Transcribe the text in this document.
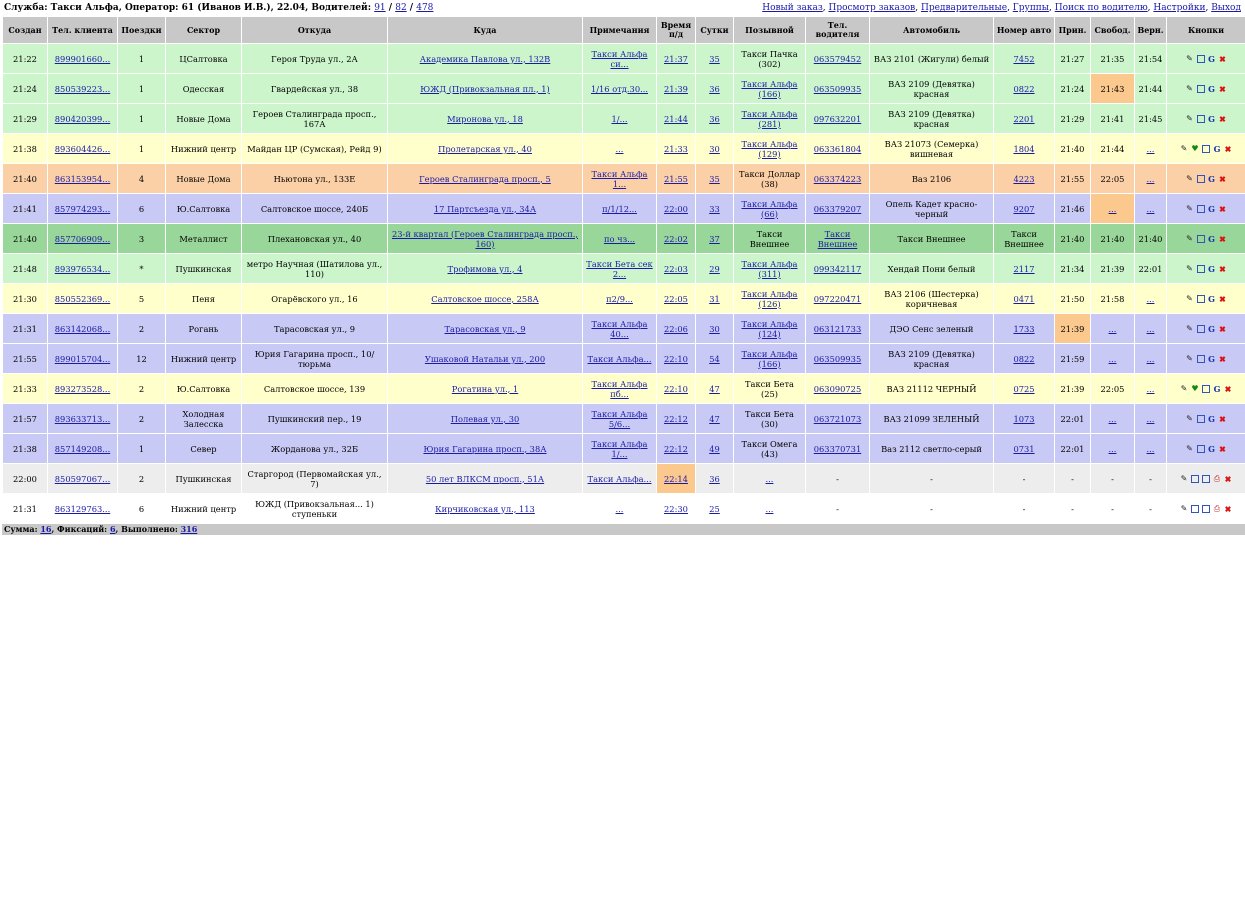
Служба: Такси Альфа, Оператор: 61 (Иванов И.В.), 22.04, Водителей: 91 / 82 / 478	Новый заказ, Просмотр заказов, Предварительные, Группы, Поиск по водителю, Настройки, Выход
Создан	Тел. клиента	Поездки	Сектор	Откуда	Куда	Примечания	Время п/д	Сутки	Позывной	Тел. водителя	Автомобиль	Номер авто	Прин.	Свобод.	Верн.	Кнопки
21:22	899901660...	1	ЦСалтовка	Героя Труда ул., 2А	Академика Павлова ул., 132В	Такси Альфа си...	21:37	35	Такси Пачка (302)	063579452	ВАЗ 2101 (Жигули) белый	7452	21:27	21:35	21:54	✎ G ✖

21:24	850539223...	1	Одесская	Гвардейская ул., 38	ЮЖД (Привокзальная пл., 1)	1/16 отд.30...	21:39	36	Такси Альфа (166)	063509935	ВАЗ 2109 (Девятка) красная	0822	21:24	21:43	21:44	✎ G ✖

21:29	890420399...	1	Новые Дома	Героев Сталинграда просп., 167А	Миронова ул., 18	1/...	21:44	36	Такси Альфа (281)	097632201	ВАЗ 2109 (Девятка) красная	2201	21:29	21:41	21:45	✎ G ✖

21:38	893604426...	1	Нижний центр	Майдан ЦР (Сумская), Рейд 9)	Пролетарская ул., 40	...	21:33	30	Такси Альфа (129)	063361804	ВАЗ 21073 (Семерка) вишневая	1804	21:40	21:44	...	✎ ♥ G ✖

21:40	863153954...	4	Новые Дома	Ньютона ул., 133Е	Героев Сталинграда просп., 5	Такси Альфа 1...	21:55	35	Такси Доллар (38)	063374223	Ваз 2106	4223	21:55	22:05	...	✎ G ✖

21:41	857974293...	6	Ю.Салтовка	Салтовское шоссе, 240Б	17 Партсъезда ул., 34А	п/1/12...	22:00	33	Такси Альфа (66)	063379207	Опель Кадет красно-черный	9207	21:46	...	...	✎ G ✖

21:40	857706909...	3	Металлист	Плехановская ул., 40	23-й квартал (Героев Сталинграда просп., 160)	по чз...	22:02	37	Такси Внешнее	Такси Внешнее	Такси Внешнее	Такси Внешнее	21:40	21:40	21:40	✎ G ✖

21:48	893976534...	*	Пушкинская	метро Научная (Шатилова ул., 110)	Трофимова ул., 4	Такси Бета сек 2...	22:03	29	Такси Альфа (311)	099342117	Хендай Пони белый	2117	21:34	21:39	22:01	✎ G ✖

21:30	850552369...	5	Пеня	Огарёвского ул., 16	Салтовское шоссе, 258А	п2/9...	22:05	31	Такси Альфа (126)	097220471	ВАЗ 2106 (Шестерка) коричневая	0471	21:50	21:58	...	✎ G ✖

21:31	863142068...	2	Рогань	Тарасовская ул., 9	Тарасовская ул., 9	Такси Альфа 40...	22:06	30	Такси Альфа (124)	063121733	ДЭО Сенс зеленый	1733	21:39	...	...	✎ G ✖

21:55	899015704...	12	Нижний центр	Юрия Гагарина просп., 10/ тюрьма	Ушаковой Натальи ул., 200	Такси Альфа...	22:10	54	Такси Альфа (166)	063509935	ВАЗ 2109 (Девятка) красная	0822	21:59	...	...	✎ G ✖

21:33	893273528...	2	Ю.Салтовка	Салтовское шоссе, 139	Рогатина ул., 1	Такси Альфа пб...	22:10	47	Такси Бета (25)	063090725	ВАЗ 21112 ЧЕРНЫЙ	0725	21:39	22:05	...	✎ ♥ G ✖

21:57	893633713...	2	Холодная Залесска	Пушкинский пер., 19	Полевая ул., 30	Такси Альфа 5/6...	22:12	47	Такси Бета (30)	063721073	ВАЗ 21099 ЗЕЛЕНЫЙ	1073	22:01	...	...	✎ G ✖

21:38	857149208...	1	Север	Жорданова ул., 32Б	Юрия Гагарина просп., 38А	Такси Альфа 1/...	22:12	49	Такси Омега (43)	063370731	Ваз 2112 светло-серый	0731	22:01	...	...	✎ G ✖

22:00	850597067...	2	Пушкинская	Старгород (Первомайская ул., 7)	50 лет ВЛКСМ просп., 51А	Такси Альфа...	22:14	36	...	-	-	-	-	-	-	✎ ⎙ ✖

21:31	863129763...	6	Нижний центр	ЮЖД (Привокзальная... 1) ступеньки	Кирчиковская ул., 113	...	22:30	25	...	-	-	-	-	-	-	✎ ⎙ ✖
Сумма: 16, Фиксаций: 6, Выполнено: 316
